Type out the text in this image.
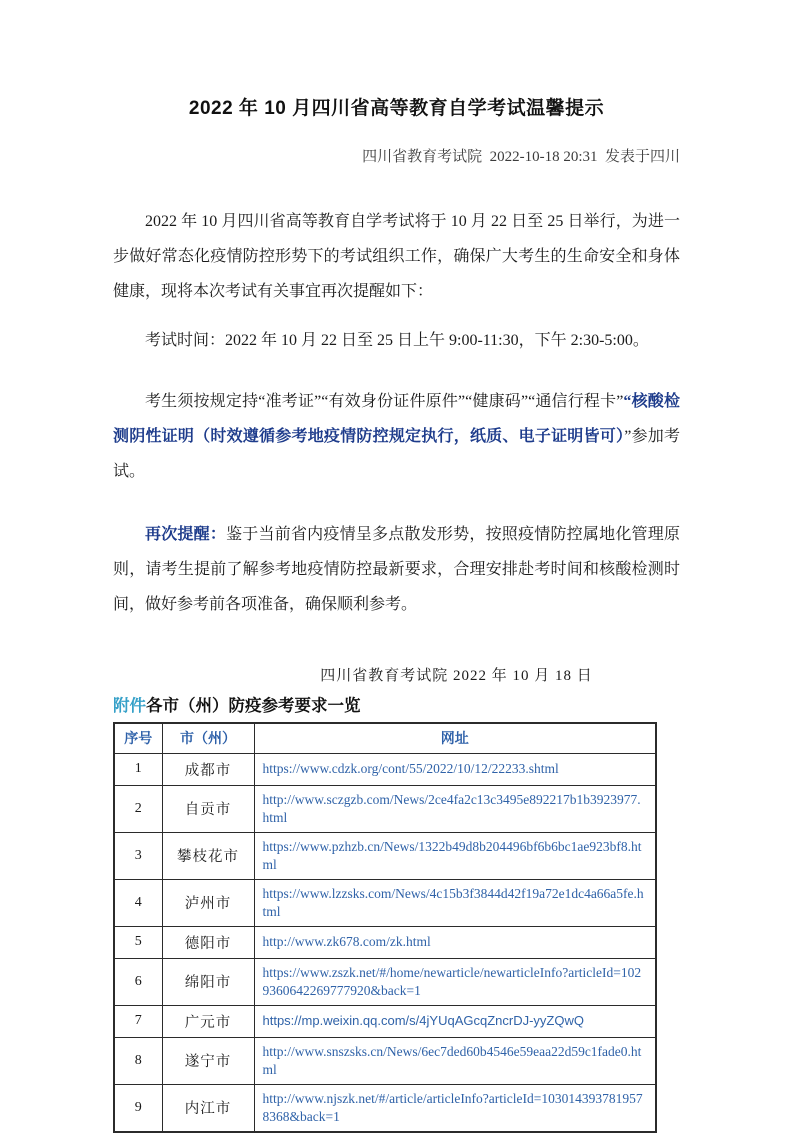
2022 年 10 月四川省高等教育自学考试温馨提示
四川省教育考试院  2022-10-18 20:31  发表于四川

2022 年 10 月四川省高等教育自学考试将于 10 月 22 日至 25 日举行，为进一步做好常态化疫情防控形势下的考试组织工作，确保广大考生的生命安全和身体健康，现将本次考试有关事宜再次提醒如下：

考试时间：2022 年 10 月 22 日至 25 日上午 9:00-11:30，下午 2:30-5:00。

考生须按规定持“准考证”“有效身份证件原件”“健康码”“通信行程卡”“核酸检测阴性证明（时效遵循参考地疫情防控规定执行，纸质、电子证明皆可）”参加考试。

再次提醒：鉴于当前省内疫情呈多点散发形势，按照疫情防控属地化管理原则，请考生提前了解参考地疫情防控最新要求，合理安排赴考时间和核酸检测时间，做好参考前各项准备，确保顺利参考。

四川省教育考试院 2022 年 10 月 18 日
附件各市（州）防疫参考要求一览
序号	市（州）	网址
1	成都市	https://www.cdzk.org/cont/55/2022/10/12/22233.shtml
2	自贡市	http://www.sczgzb.com/News/2ce4fa2c13c3495e892217b1b3923977.html
3	攀枝花市	https://www.pzhzb.cn/News/1322b49d8b204496bf6b6bc1ae923bf8.html
4	泸州市	https://www.lzzsks.com/News/4c15b3f3844d42f19a72e1dc4a66a5fe.html
5	德阳市	http://www.zk678.com/zk.html
6	绵阳市	https://www.zszk.net/#/home/newarticle/newarticleInfo?articleId=1029360642269777920&back=1
7	广元市	https://mp.weixin.qq.com/s/4jYUqAGcqZncrDJ-yyZQwQ
8	遂宁市	http://www.snszsks.cn/News/6ec7ded60b4546e59eaa22d59c1fade0.html
9	内江市	http://www.njszk.net/#/article/articleInfo?articleId=1030143937819578368&back=1
